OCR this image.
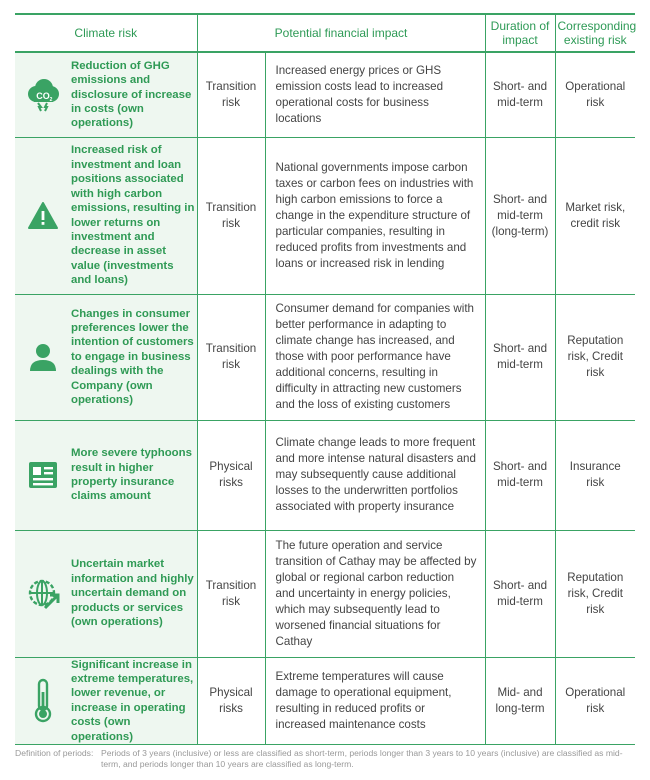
Climate risk		Potential financial impact		Duration of impact	Corresponding existing risk

CO 2	Reduction of GHG emissions and disclosure of increase in costs (own operations)	Transition risk	Increased energy prices or GHS emission costs lead to increased operational costs for business locations	Short- and mid-term	Operational risk

	Increased risk of investment and loan positions associated with high carbon emissions, resulting in lower returns on investment and decrease in asset value (investments and loans)	Transition risk	National governments impose carbon taxes or carbon fees on industries with high carbon emissions to force a change in the expenditure structure of particular companies, resulting in reduced profits from investments and loans or increased risk in lending	Short- and mid-term (long-term)	Market risk, credit risk

	Changes in consumer preferences lower the intention of customers to engage in business dealings with the Company (own operations)	Transition risk	Consumer demand for companies with better performance in adapting to climate change has increased, and those with poor performance have additional concerns, resulting in difficulty in attracting new customers and the loss of existing customers	Short- and mid-term	Reputation risk, Credit risk

	More severe typhoons result in higher property insurance claims amount	Physical risks	Climate change leads to more frequent and more intense natural disasters and may subsequently cause additional losses to the underwritten portfolios associated with property insurance	Short- and mid-term	Insurance risk

	Uncertain market information and highly uncertain demand on products or services (own operations)	Transition risk	The future operation and service transition of Cathay may be affected by global or regional carbon reduction and uncertainty in energy policies, which may subsequently lead to worsened financial situations for Cathay	Short- and mid-term	Reputation risk, Credit risk

	Significant increase in extreme temperatures, lower revenue, or increase in operating costs (own operations)	Physical risks	Extreme temperatures will cause damage to operational equipment, resulting in reduced profits or increased maintenance costs	Mid- and long-term	Operational risk
Definition of periods: Periods of 3 years (inclusive) or less are classified as short-term, periods longer than 3 years to 10 years (inclusive) are classified as mid-term, and periods longer than 10 years are classified as long-term.
